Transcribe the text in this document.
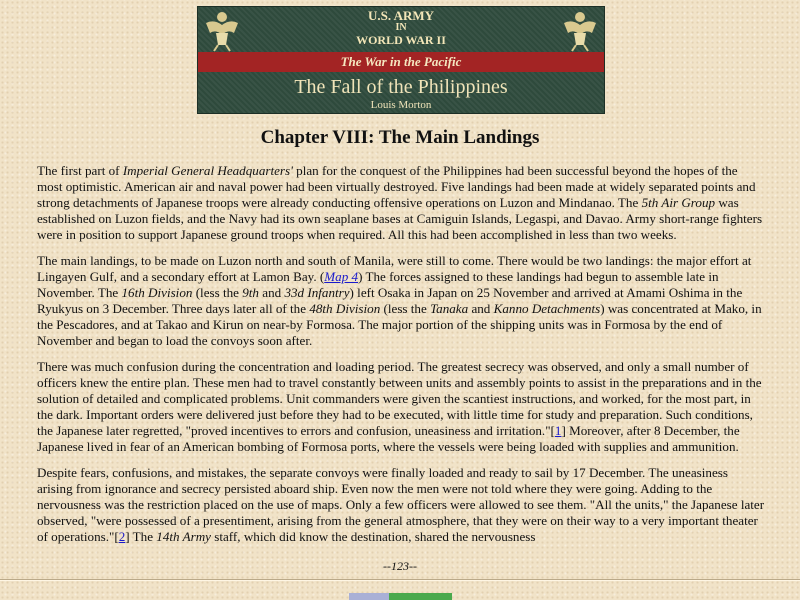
U.S. ARMY
IN
WORLD WAR II
The War in the Pacific
The Fall of the Philippines
Louis Morton
Chapter VIII: The Main Landings

The first part of Imperial General Headquarters' plan for the conquest of the Philippines had been successful beyond the hopes of the most optimistic. American air and naval power had been virtually destroyed. Five landings had been made at widely separated points and strong detachments of Japanese troops were already conducting offensive operations on Luzon and Mindanao. The 5th Air Group was established on Luzon fields, and the Navy had its own seaplane bases at Camiguin Islands, Legaspi, and Davao. Army short-range fighters were in position to support Japanese ground troops when required. All this had been accomplished in less than two weeks.

The main landings, to be made on Luzon north and south of Manila, were still to come. There would be two landings: the major effort at Lingayen Gulf, and a secondary effort at Lamon Bay. (Map 4) The forces assigned to these landings had begun to assemble late in November. The 16th Division (less the 9th and 33d Infantry) left Osaka in Japan on 25 November and arrived at Amami Oshima in the Ryukyus on 3 December. Three days later all of the 48th Division (less the Tanaka and Kanno Detachments) was concentrated at Mako, in the Pescadores, and at Takao and Kirun on near-by Formosa. The major portion of the shipping units was in Formosa by the end of November and began to load the convoys soon after.

There was much confusion during the concentration and loading period. The greatest secrecy was observed, and only a small number of officers knew the entire plan. These men had to travel constantly between units and assembly points to assist in the preparations and in the solution of detailed and complicated problems. Unit commanders were given the scantiest instructions, and worked, for the most part, in the dark. Important orders were delivered just before they had to be executed, with little time for study and preparation. Such conditions, the Japanese later regretted, "proved incentives to errors and confusion, uneasiness and irritation."[1] Moreover, after 8 December, the Japanese lived in fear of an American bombing of Formosa ports, where the vessels were being loaded with supplies and ammunition.

Despite fears, confusions, and mistakes, the separate convoys were finally loaded and ready to sail by 17 December. The uneasiness arising from ignorance and secrecy persisted aboard ship. Even now the men were not told where they were going. Adding to the nervousness was the restriction placed on the use of maps. Only a few officers were allowed to see them. "All the units," the Japanese later observed, "were possessed of a presentiment, arising from the general atmosphere, that they were on their way to a very important theater of operations."[2] The 14th Army staff, which did know the destination, shared the nervousness

--123--
